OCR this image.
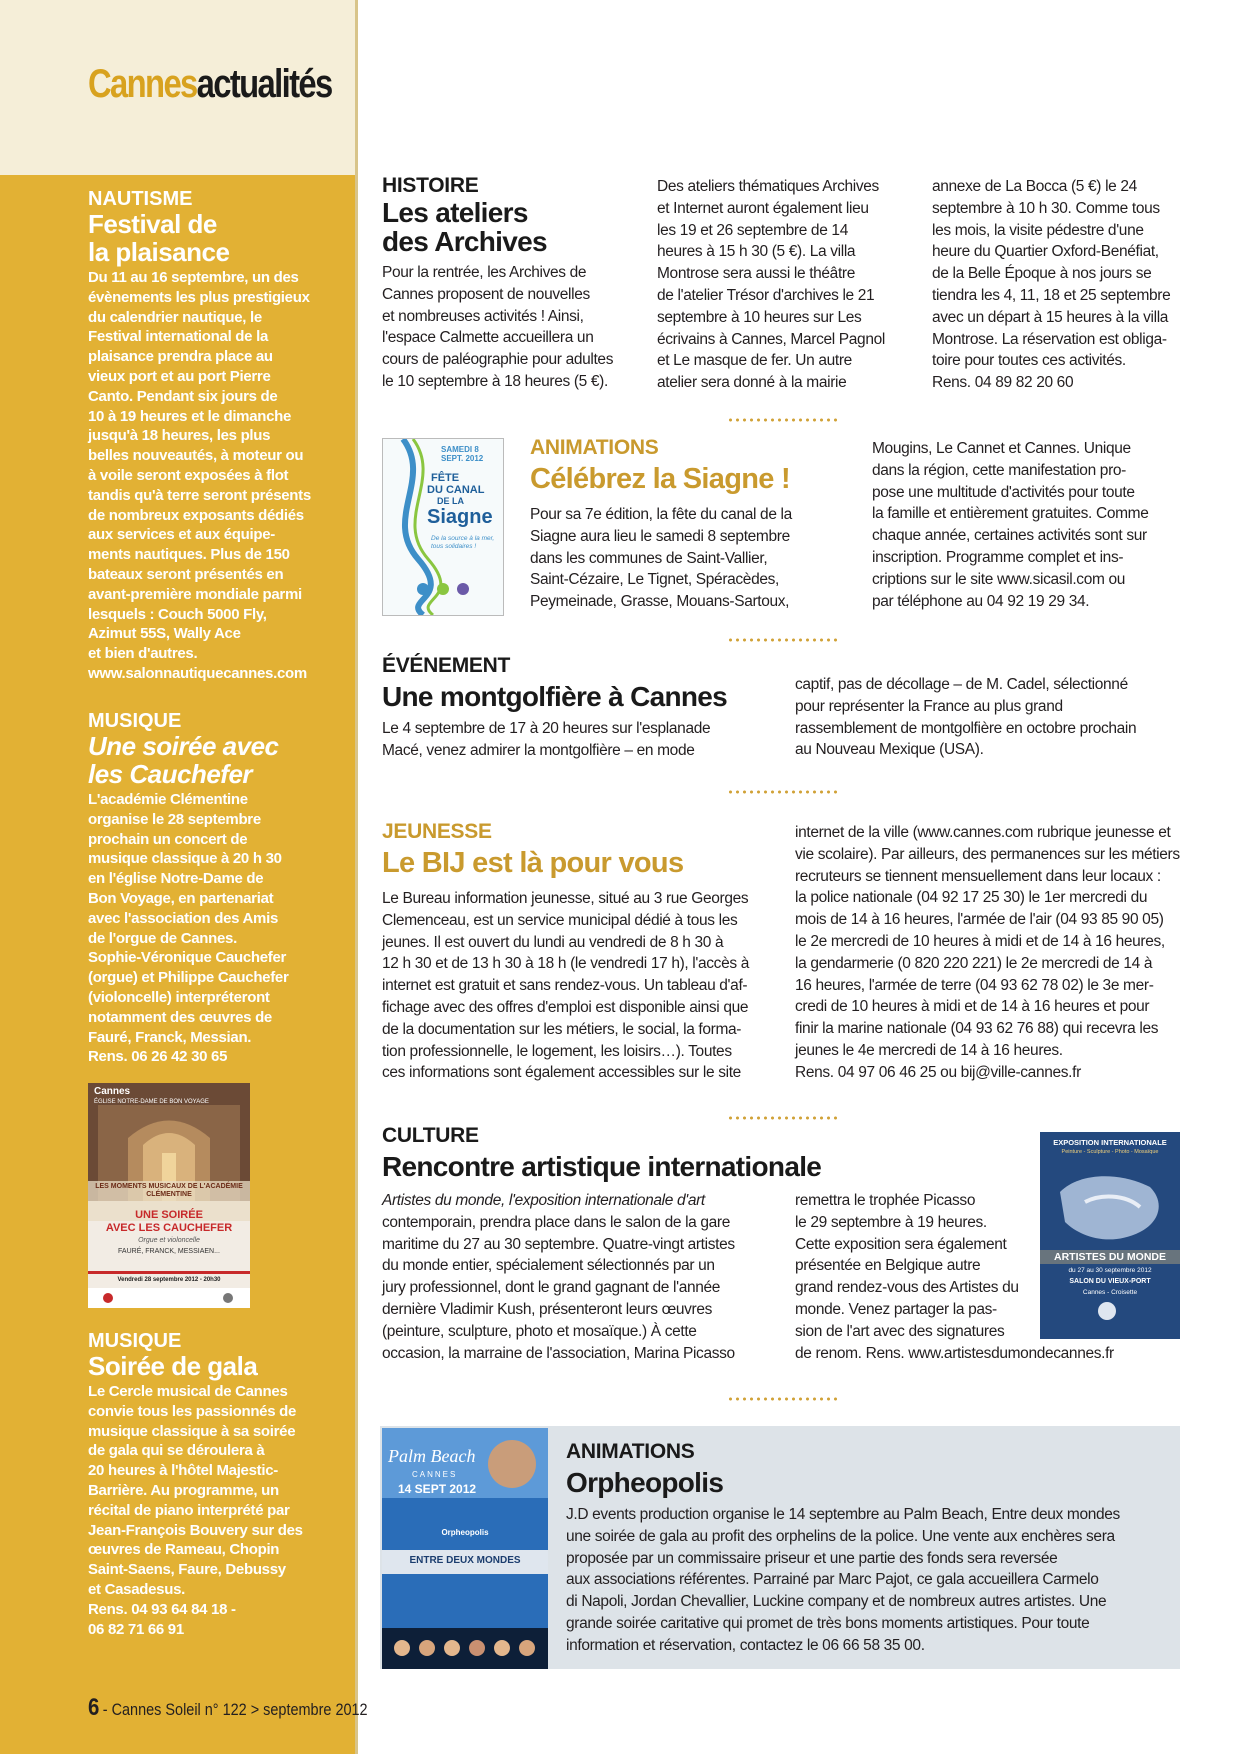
Cannesactualités
NAUTISME
Festival de
la plaisance
Du 11 au 16 septembre, un des
évènements les plus prestigieux
du calendrier nautique, le
Festival international de la
plaisance prendra place au
vieux port et au port Pierre
Canto. Pendant six jours de
10 à 19 heures et le dimanche
jusqu'à 18 heures, les plus
belles nouveautés, à moteur ou
à voile seront exposées à flot
tandis qu'à terre seront présents
de nombreux exposants dédiés
aux services et aux équipe-
ments nautiques. Plus de 150
bateaux seront présentés en
avant-première mondiale parmi
lesquels : Couch 5000 Fly,
Azimut 55S, Wally Ace
et bien d'autres.
www.salonnautiquecannes.com
MUSIQUE
Une soirée avec
les Cauchefer
L'académie Clémentine
organise le 28 septembre
prochain un concert de
musique classique à 20 h 30
en l'église Notre-Dame de
Bon Voyage, en partenariat
avec l'association des Amis
de l'orgue de Cannes.
Sophie-Véronique Cauchefer
(orgue) et Philippe Cauchefer
(violoncelle) interpréteront
notamment des œuvres de
Fauré, Franck, Messian.
Rens. 06 26 42 30 65
Cannes
ÉGLISE NOTRE-DAME DE BON VOYAGE
LES MOMENTS MUSICAUX DE L'ACADÉMIE CLÉMENTINE
UNE SOIRÉE
AVEC LES CAUCHEFER
Orgue et violoncelle
FAURÉ, FRANCK, MESSIAEN...
Vendredi 28 septembre 2012 - 20h30
MUSIQUE
Soirée de gala
Le Cercle musical de Cannes
convie tous les passionnés de
musique classique à sa soirée
de gala qui se déroulera à
20 heures à l'hôtel Majestic-
Barrière. Au programme, un
récital de piano interprété par
Jean-François Bouvery sur des
œuvres de Rameau, Chopin
Saint-Saens, Faure, Debussy
et Casadesus.
Rens. 04 93 64 84 18 -
06 82 71 66 91
6 - Cannes Soleil n° 122 > septembre 2012
HISTOIRE
Les ateliers
des Archives
Pour la rentrée, les Archives de
Cannes proposent de nouvelles
et nombreuses activités ! Ainsi,
l'espace Calmette accueillera un
cours de paléographie pour adultes
le 10 septembre à 18 heures (5 €).
Des ateliers thématiques Archives
et Internet auront également lieu
les 19 et 26 septembre de 14
heures à 15 h 30 (5 €). La villa
Montrose sera aussi le théâtre
de l'atelier Trésor d'archives le 21
septembre à 10 heures sur Les
écrivains à Cannes, Marcel Pagnol
et Le masque de fer. Un autre
atelier sera donné à la mairie
annexe de La Bocca (5 €) le 24
septembre à 10 h 30. Comme tous
les mois, la visite pédestre d'une
heure du Quartier Oxford-Benéfiat,
de la Belle Époque à nos jours se
tiendra les 4, 11, 18 et 25 septembre
avec un départ à 15 heures à la villa
Montrose. La réservation est obliga-
toire pour toutes ces activités.
Rens. 04 89 82 20 60
SAMEDI 8 SEPT. 2012
FÊTE
DU CANAL
DE LA
Siagne
De la source à la mer, tous solidaires !
ANIMATIONS
Célébrez la Siagne !
Pour sa 7e édition, la fête du canal de la
Siagne aura lieu le samedi 8 septembre
dans les communes de Saint-Vallier,
Saint-Cézaire, Le Tignet, Spéracèdes,
Peymeinade, Grasse, Mouans-Sartoux,
Mougins, Le Cannet et Cannes. Unique
dans la région, cette manifestation pro-
pose une multitude d'activités pour toute
la famille et entièrement gratuites. Comme
chaque année, certaines activités sont sur
inscription. Programme complet et ins-
criptions sur le site www.sicasil.com ou
par téléphone au 04 92 19 29 34.
ÉVÉNEMENT
Une montgolfière à Cannes
Le 4 septembre de 17 à 20 heures sur l'esplanade
Macé, venez admirer la montgolfière – en mode
captif, pas de décollage – de M. Cadel, sélectionné
pour représenter la France au plus grand
rassemblement de montgolfière en octobre prochain
au Nouveau Mexique (USA).
JEUNESSE
Le BIJ est là pour vous
Le Bureau information jeunesse, situé au 3 rue Georges
Clemenceau, est un service municipal dédié à tous les
jeunes. Il est ouvert du lundi au vendredi de 8 h 30 à
12 h 30 et de 13 h 30 à 18 h (le vendredi 17 h), l'accès à
internet est gratuit et sans rendez-vous. Un tableau d'af-
fichage avec des offres d'emploi est disponible ainsi que
de la documentation sur les métiers, le social, la forma-
tion professionnelle, le logement, les loisirs…). Toutes
ces informations sont également accessibles sur le site
internet de la ville (www.cannes.com rubrique jeunesse et
vie scolaire). Par ailleurs, des permanences sur les métiers
recruteurs se tiennent mensuellement dans leur locaux :
la police nationale (04 92 17 25 30) le 1er mercredi du
mois de 14 à 16 heures, l'armée de l'air (04 93 85 90 05)
le 2e mercredi de 10 heures à midi et de 14 à 16 heures,
la gendarmerie (0 820 220 221) le 2e mercredi de 14 à
16 heures, l'armée de terre (04 93 62 78 02) le 3e mer-
credi de 10 heures à midi et de 14 à 16 heures et pour
finir la marine nationale (04 93 62 76 88) qui recevra les
jeunes le 4e mercredi de 14 à 16 heures.
Rens. 04 97 06 46 25 ou bij@ville-cannes.fr
CULTURE
Rencontre artistique internationale
Artistes du monde, l'exposition internationale d'art
contemporain, prendra place dans le salon de la gare
maritime du 27 au 30 septembre. Quatre-vingt artistes
du monde entier, spécialement sélectionnés par un
jury professionnel, dont le grand gagnant de l'année
dernière Vladimir Kush, présenteront leurs œuvres
(peinture, sculpture, photo et mosaïque.) À cette
occasion, la marraine de l'association, Marina Picasso
remettra le trophée Picasso
le 29 septembre à 19 heures.
Cette exposition sera également
présentée en Belgique autre
grand rendez-vous des Artistes du
monde. Venez partager la pas-
sion de l'art avec des signatures
de renom. Rens. www.artistesdumondecannes.fr
EXPOSITION INTERNATIONALE
Peinture - Sculpture - Photo - Mosaïque
ARTISTES DU MONDE
du 27 au 30 septembre 2012
SALON DU VIEUX-PORT
Cannes - Croisette
Palm Beach
CANNES
14 SEPT 2012
Orpheopolis
ENTRE DEUX MONDES
ANIMATIONS
Orpheopolis
J.D events production organise le 14 septembre au Palm Beach, Entre deux mondes
une soirée de gala au profit des orphelins de la police. Une vente aux enchères sera
proposée par un commissaire priseur et une partie des fonds sera reversée
aux associations référentes. Parrainé par Marc Pajot, ce gala accueillera Carmelo
di Napoli, Jordan Chevallier, Luckine company et de nombreux autres artistes. Une
grande soirée caritative qui promet de très bons moments artistiques. Pour toute
information et réservation, contactez le 06 66 58 35 00.
